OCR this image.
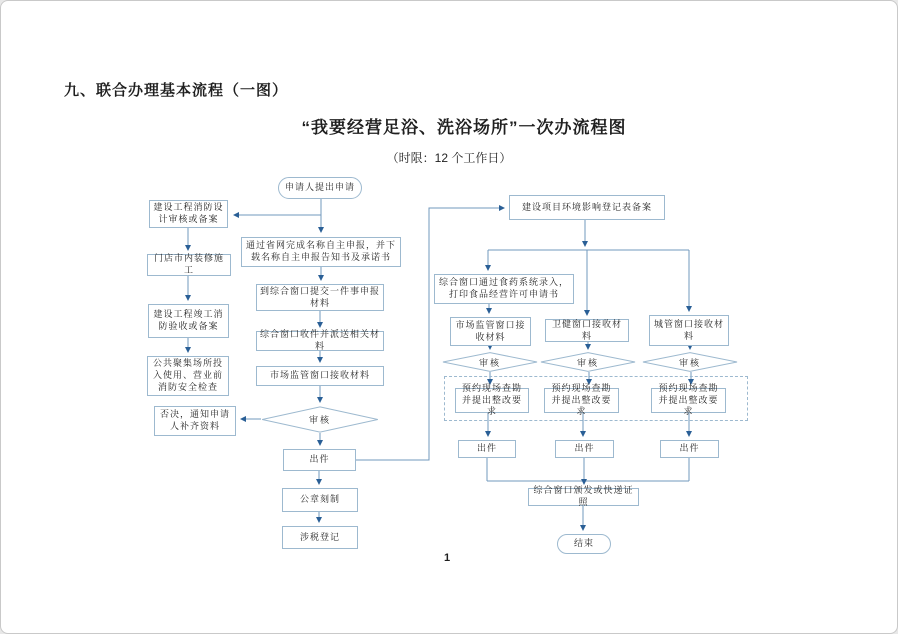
九、联合办理基本流程（一图）
“我要经营足浴、洗浴场所”一次办流程图
（时限：12 个工作日）
1
申请人提出申请
建设工程消防设计审核或备案
门店市内装修施工
建设工程竣工消防验收或备案
公共聚集场所投入使用、营业前消防安全检查
否决，通知申请人补齐资料
通过省网完成名称自主申报，并下载名称自主申报告知书及承诺书
到综合窗口提交一件事申报材料
综合窗口收件并派送相关材料
市场监管窗口接收材料
审核
出件
公章刻制
涉税登记
建设项目环境影响登记表备案
综合窗口通过食药系统录入，打印食品经营许可申请书
市场监管窗口接收材料
卫健窗口接收材料
城管窗口接收材料
审核	审核	审核
预约现场查勘并提出整改要求
预约现场查勘并提出整改要求
预约现场查勘并提出整改要求
出件	出件	出件
综合窗口颁发或快递证照
结束
